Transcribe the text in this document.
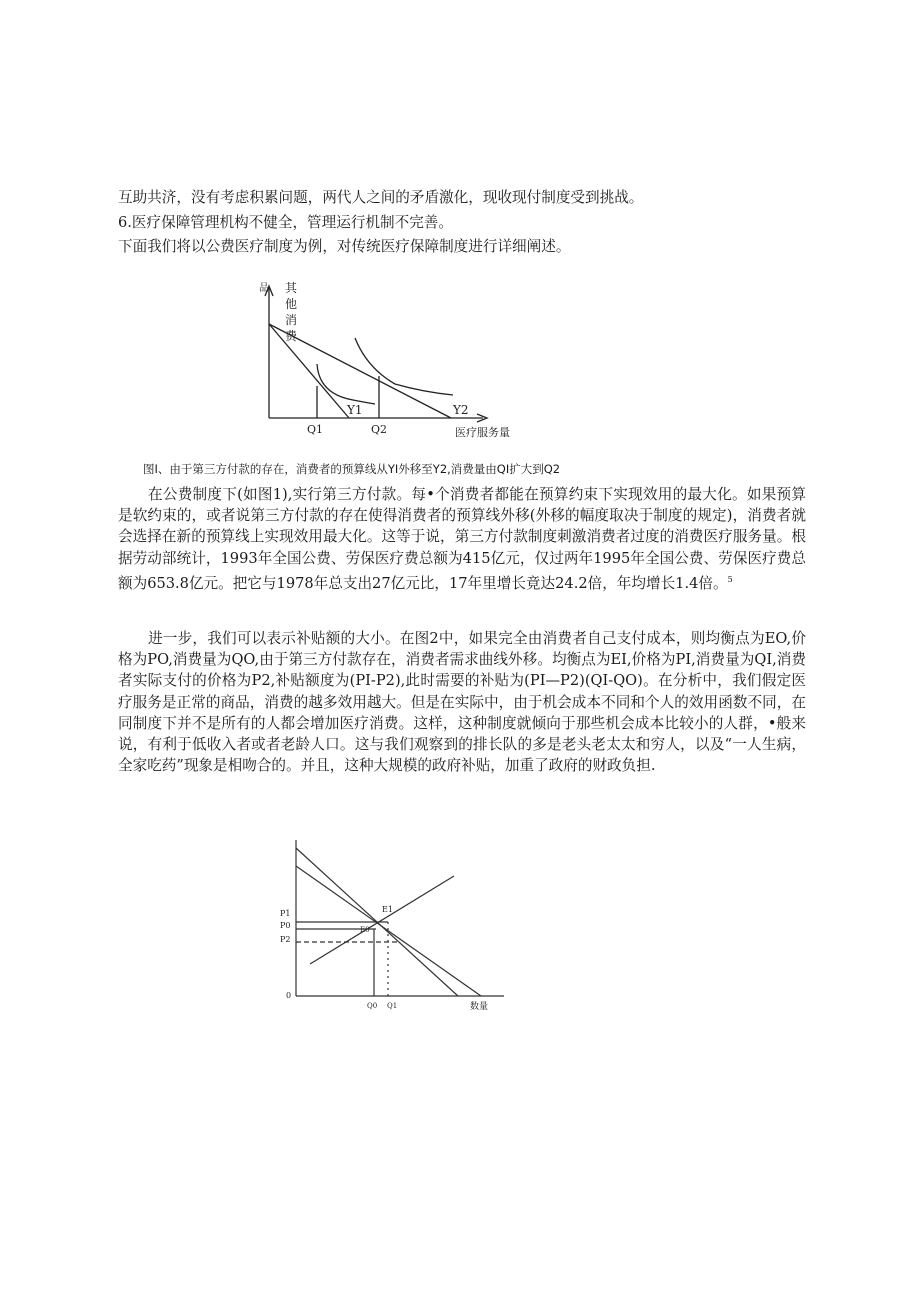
互助共济，没有考虑积累问题，两代人之间的矛盾激化，现收现付制度受到挑战。
6.医疗保障管理机构不健全，管理运行机制不完善。
下面我们将以公费医疗制度为例，对传统医疗保障制度进行详细阐述。
品 其
他
消
费
Y1	Y2
Q1	Q2	医疗服务量
图I、由于第三方付款的存在，消费者的预算线从YI外移至Y2,消费量由QI扩大到Q2
在公费制度下(如图1),实行第三方付款。每•个消费者都能在预算约束下实现效用的最大化。如果预算是软约束的，或者说第三方付款的存在使得消费者的预算线外移(外移的幅度取决于制度的规定)，消费者就会选择在新的预算线上实现效用最大化。这等于说，第三方付款制度刺激消费者过度的消费医疗服务量。根据劳动部统计，1993年全国公费、劳保医疗费总额为415亿元，仅过两年1995年全国公费、劳保医疗费总额为653.8亿元。把它与1978年总支出27亿元比，17年里增长竟达24.2倍，年均增长1.4倍。$^5$
进一步，我们可以表示补贴额的大小。在图2中，如果完全由消费者自己支付成本，则均衡点为EO,价格为PO,消费量为QO,由于第三方付款存在，消费者需求曲线外移。均衡点为EI,价格为PI,消费量为QI,消费者实际支付的价格为P2,补贴额度为(PI-P2),此时需要的补贴为(PI—P2)(QI-QO)。在分析中，我们假定医疗服务是正常的商品，消费的越多效用越大。但是在实际中，由于机会成本不同和个人的效用函数不同，在同制度下并不是所有的人都会增加医疗消费。这样，这种制度就倾向于那些机会成本比较小的人群，•般来说，有利于低收入者或者老龄人口。这与我们观察到的排长队的多是老头老太太和穷人，以及“一人生病，全家吃药”现象是相吻合的。并且，这种大规模的政府补贴，加重了政府的财政负担.
P1
P0
P2
0
E1
E0
Q0 Q1	数量
